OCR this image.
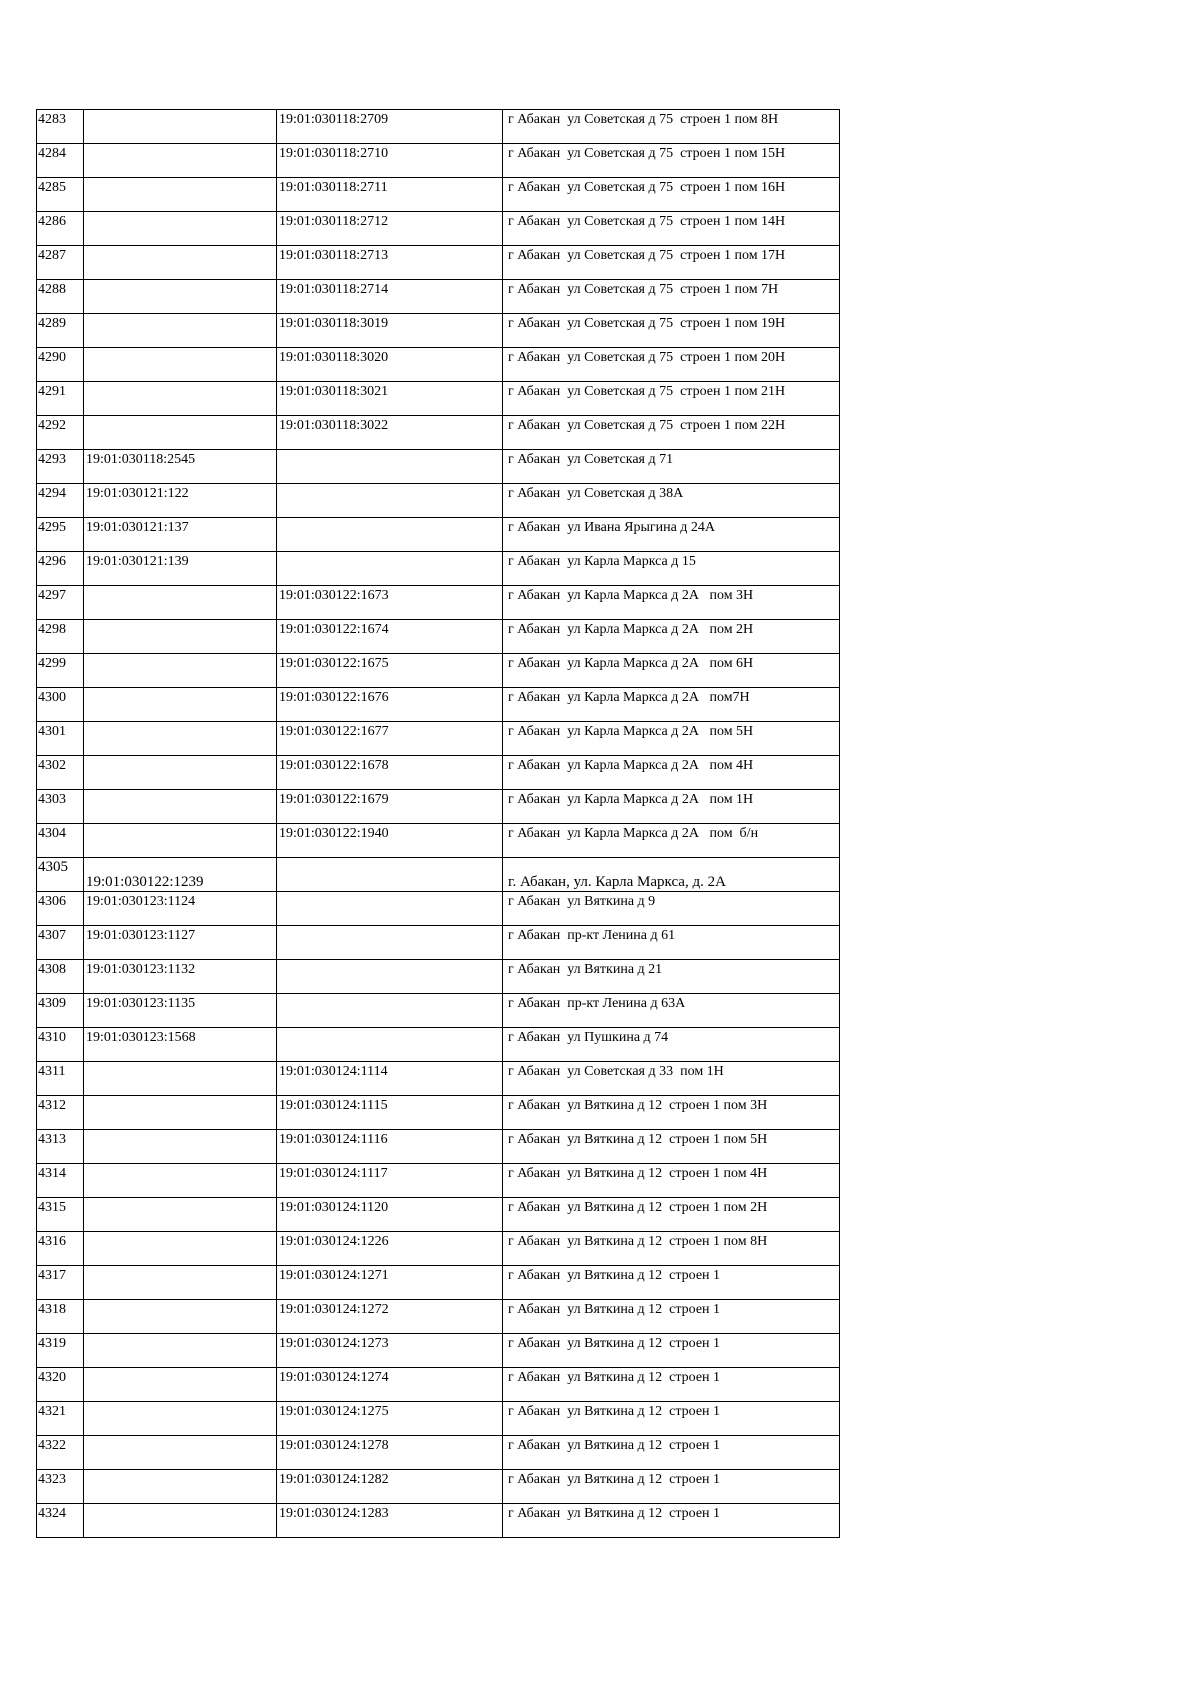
4283		19:01:030118:2709	г Абакан  ул Советская д 75  строен 1 пом 8Н
4284		19:01:030118:2710	г Абакан  ул Советская д 75  строен 1 пом 15Н
4285		19:01:030118:2711	г Абакан  ул Советская д 75  строен 1 пом 16Н
4286		19:01:030118:2712	г Абакан  ул Советская д 75  строен 1 пом 14Н
4287		19:01:030118:2713	г Абакан  ул Советская д 75  строен 1 пом 17Н
4288		19:01:030118:2714	г Абакан  ул Советская д 75  строен 1 пом 7Н
4289		19:01:030118:3019	г Абакан  ул Советская д 75  строен 1 пом 19Н
4290		19:01:030118:3020	г Абакан  ул Советская д 75  строен 1 пом 20Н
4291		19:01:030118:3021	г Абакан  ул Советская д 75  строен 1 пом 21Н
4292		19:01:030118:3022	г Абакан  ул Советская д 75  строен 1 пом 22Н
4293	19:01:030118:2545		г Абакан  ул Советская д 71
4294	19:01:030121:122		г Абакан  ул Советская д 38А
4295	19:01:030121:137		г Абакан  ул Ивана Ярыгина д 24А
4296	19:01:030121:139		г Абакан  ул Карла Маркса д 15
4297		19:01:030122:1673	г Абакан  ул Карла Маркса д 2А   пом 3Н
4298		19:01:030122:1674	г Абакан  ул Карла Маркса д 2А   пом 2Н
4299		19:01:030122:1675	г Абакан  ул Карла Маркса д 2А   пом 6Н
4300		19:01:030122:1676	г Абакан  ул Карла Маркса д 2А   пом7Н
4301		19:01:030122:1677	г Абакан  ул Карла Маркса д 2А   пом 5Н
4302		19:01:030122:1678	г Абакан  ул Карла Маркса д 2А   пом 4Н
4303		19:01:030122:1679	г Абакан  ул Карла Маркса д 2А   пом 1Н
4304		19:01:030122:1940	г Абакан  ул Карла Маркса д 2А   пом  б/н
4305	19:01:030122:1239		г. Абакан, ул. Карла Маркса, д. 2А
4306	19:01:030123:1124		г Абакан  ул Вяткина д 9
4307	19:01:030123:1127		г Абакан  пр-кт Ленина д 61
4308	19:01:030123:1132		г Абакан  ул Вяткина д 21
4309	19:01:030123:1135		г Абакан  пр-кт Ленина д 63А
4310	19:01:030123:1568		г Абакан  ул Пушкина д 74
4311		19:01:030124:1114	г Абакан  ул Советская д 33  пом 1Н
4312		19:01:030124:1115	г Абакан  ул Вяткина д 12  строен 1 пом 3Н
4313		19:01:030124:1116	г Абакан  ул Вяткина д 12  строен 1 пом 5Н
4314		19:01:030124:1117	г Абакан  ул Вяткина д 12  строен 1 пом 4Н
4315		19:01:030124:1120	г Абакан  ул Вяткина д 12  строен 1 пом 2Н
4316		19:01:030124:1226	г Абакан  ул Вяткина д 12  строен 1 пом 8Н
4317		19:01:030124:1271	г Абакан  ул Вяткина д 12  строен 1
4318		19:01:030124:1272	г Абакан  ул Вяткина д 12  строен 1
4319		19:01:030124:1273	г Абакан  ул Вяткина д 12  строен 1
4320		19:01:030124:1274	г Абакан  ул Вяткина д 12  строен 1
4321		19:01:030124:1275	г Абакан  ул Вяткина д 12  строен 1
4322		19:01:030124:1278	г Абакан  ул Вяткина д 12  строен 1
4323		19:01:030124:1282	г Абакан  ул Вяткина д 12  строен 1
4324		19:01:030124:1283	г Абакан  ул Вяткина д 12  строен 1
